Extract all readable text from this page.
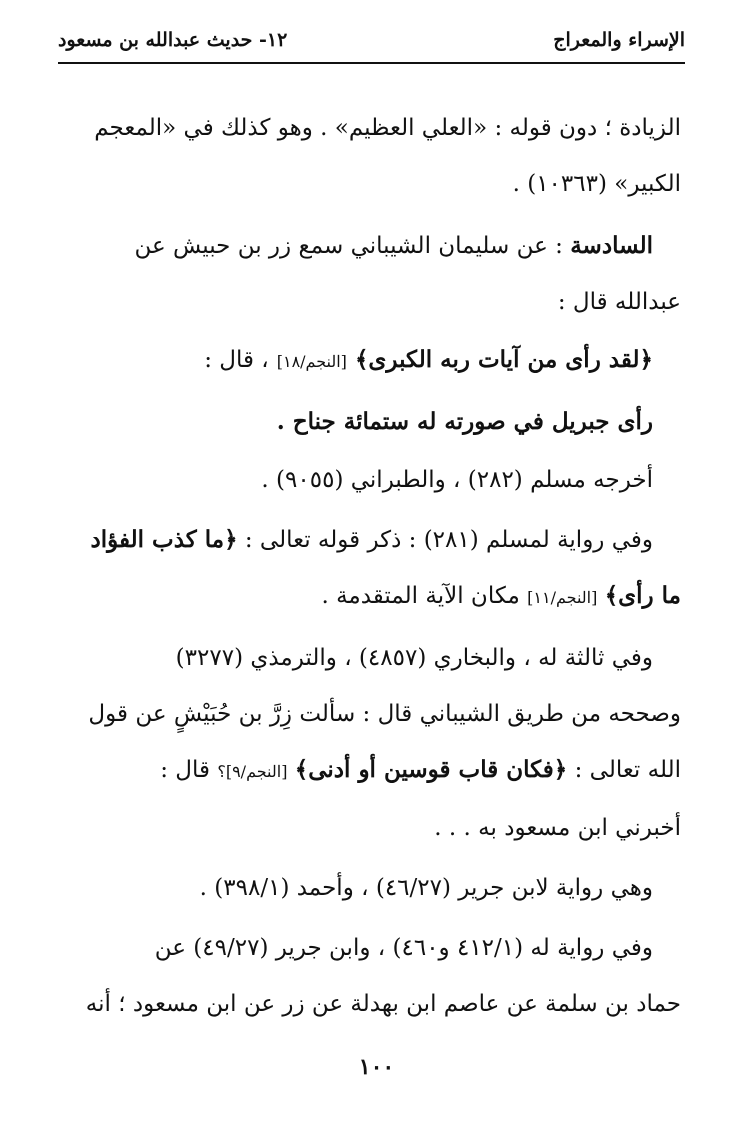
الإسراء والمعراج
١٢- حديث عبدالله بن مسعود
الزيادة ؛ دون قوله : «العلي العظيم» . وهو كذلك في «المعجم
الكبير» (١٠٣٦٣) .
السادسة : عن سليمان الشيباني سمع زر بن حبيش عن
عبدالله قال :
﴿لقد رأى من آيات ربه الكبرى﴾ [النجم/١٨] ، قال :
رأى جبريل في صورته له ستمائة جناح .
أخرجه مسلم (٢٨٢) ، والطبراني (٩٠٥٥) .
وفي رواية لمسلم (٢٨١) : ذكر قوله تعالى : ﴿ما كذب الفؤاد
ما رأى﴾ [النجم/١١] مكان الآية المتقدمة .
وفي ثالثة له ، والبخاري (٤٨٥٧) ، والترمذي (٣٢٧٧)
وصححه من طريق الشيباني قال : سألت زِرَّ بن حُبَيْشٍ عن قول
الله تعالى : ﴿فكان قاب قوسين أو أدنى﴾ [النجم/٩]؟ قال :
أخبرني ابن مسعود به . . .
وهي رواية لابن جرير (٤٦/٢٧) ، وأحمد (٣٩٨/١) .
وفي رواية له (٤١٢/١ و٤٦٠) ، وابن جرير (٤٩/٢٧) عن
حماد بن سلمة عن عاصم ابن بهدلة عن زر عن ابن مسعود ؛ أنه
١٠٠
